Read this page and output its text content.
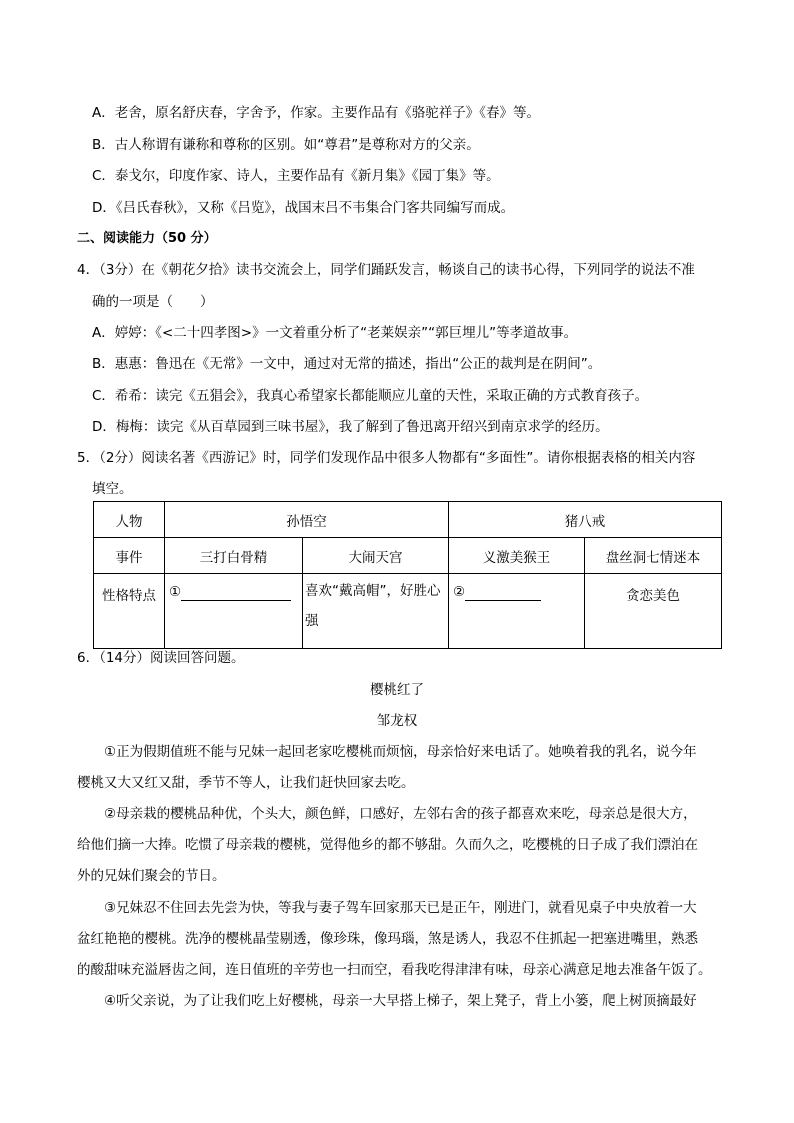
A．老舍，原名舒庆春，字舍予，作家。主要作品有《骆驼祥子》《春》等。
B．古人称谓有谦称和尊称的区别。如“尊君”是尊称对方的父亲。
C．泰戈尔，印度作家、诗人，主要作品有《新月集》《园丁集》等。
D．《吕氏春秋》，又称《吕览》，战国末吕不韦集合门客共同编写而成。
二、阅读能力（50 分）
4．（3分）在《朝花夕拾》读书交流会上，同学们踊跃发言，畅谈自己的读书心得，下列同学的说法不准
确的一项是（　　）
A．婷婷：《<二十四孝图>》一文着重分析了“老莱娱亲”“郭巨埋儿”等孝道故事。
B．惠惠：鲁迅在《无常》一文中，通过对无常的描述，指出“公正的裁判是在阴间”。
C．希希：读完《五猖会》，我真心希望家长都能顺应儿童的天性，采取正确的方式教育孩子。
D．梅梅：读完《从百草园到三味书屋》，我了解到了鲁迅离开绍兴到南京求学的经历。
5．（2分）阅读名著《西游记》时，同学们发现作品中很多人物都有“多面性”。请你根据表格的相关内容
填空。
人物	孙悟空		猪八戒	
事件	三打白骨精	大闹天宫	义激美猴王	盘丝洞七情迷本
性格特点	①	喜欢“戴高帽”，好胜心强	②	贪恋美色
6．（14分）阅读回答问题。
樱桃红了
邹龙权
　　①正为假期值班不能与兄妹一起回老家吃樱桃而烦恼，母亲恰好来电话了。她唤着我的乳名，说今年
樱桃又大又红又甜，季节不等人，让我们赶快回家去吃。
　　②母亲栽的樱桃品种优，个头大，颜色鲜，口感好，左邻右舍的孩子都喜欢来吃，母亲总是很大方，
给他们摘一大捧。吃惯了母亲栽的樱桃，觉得他乡的都不够甜。久而久之，吃樱桃的日子成了我们漂泊在
外的兄妹们聚会的节日。
　　③兄妹忍不住回去先尝为快，等我与妻子驾车回家那天已是正午，刚进门，就看见桌子中央放着一大
盆红艳艳的樱桃。洗净的樱桃晶莹剔透，像珍珠，像玛瑙，煞是诱人，我忍不住抓起一把塞进嘴里，熟悉
的酸甜味充溢唇齿之间，连日值班的辛劳也一扫而空，看我吃得津津有味，母亲心满意足地去准备午饭了。
　　④听父亲说，为了让我们吃上好樱桃，母亲一大早搭上梯子，架上凳子，背上小篓，爬上树顶摘最好
